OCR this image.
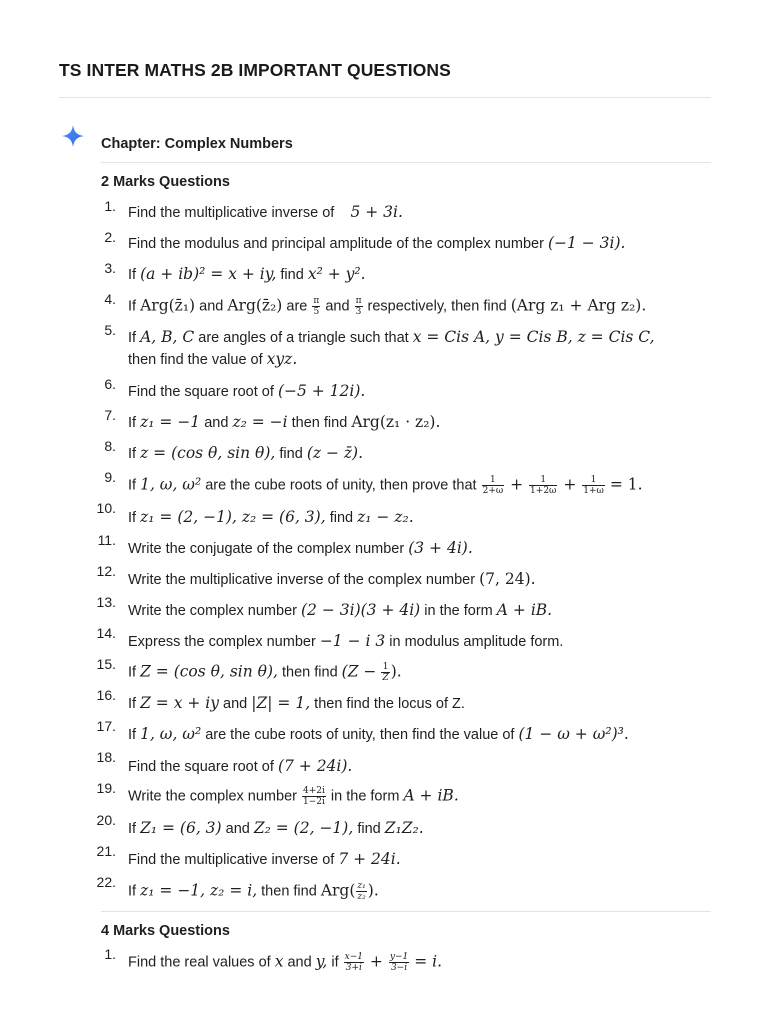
TS INTER MATHS 2B IMPORTANT QUESTIONS
Chapter: Complex Numbers
2 Marks Questions
1. Find the multiplicative inverse of 5 + 3i.
2. Find the modulus and principal amplitude of the complex number (−1 − 3i).
3. If (a + ib)² = x + iy, find x² + y².
4. If Arg(z̄₁) and Arg(z̄₂) are $\frac{\pi}{5}$ and $\frac{\pi}{3}$ respectively, then find (Arg z₁ + Arg z₂).
5. If A, B, C are angles of a triangle such that x = Cis A, y = Cis B, z = Cis C,
then find the value of xyz.
6. Find the square root of (−5 + 12i).
7. If z₁ = −1 and z₂ = −i then find Arg(z₁ · z₂).
8. If z = (cos θ, sin θ), find (z − z̄).
9.
If 1, ω, ω² are the cube roots of unity, then prove that $\frac{1}{2+\omega} + \frac{1}{1+2\omega} + \frac{1}{1+\omega} = 1$.
10.
If z₁ = (2, −1), z₂ = (6, 3), find z₁ − z₂.
11.
Write the conjugate of the complex number (3 + 4i).
12.
Write the multiplicative inverse of the complex number (7, 24).
13.
Write the complex number (2 − 3i)(3 + 4i) in the form A + iB.
14.
Express the complex number −1 − i 3 in modulus amplitude form.
15.
If Z = (cos θ, sin θ), then find ($Z - \frac{1}{Z}$ ).
16.
If Z = x + iy and |Z| = 1, then find the locus of Z.
17.
If 1, ω, ω² are the cube roots of unity, then find the value of (1 − ω + ω²)³.
18.
Find the square root of (7 + 24i).
19.
Write the complex number $\frac{4+2i}{1-2i}$ in the form A + iB.
20.
If Z₁ = (6, 3) and Z₂ = (2, −1), find Z₁Z₂.
21.
Find the multiplicative inverse of 7 + 24i.
22.
If z₁ = −1, z₂ = i, then find $Arg( \frac{\text{z₁}}{\text{z₂}}$ ).
4 Marks Questions
1.
Find the real values of x and y, if $\frac{x-1}{3+i} + \frac{y-1}{3-i} = i$.
